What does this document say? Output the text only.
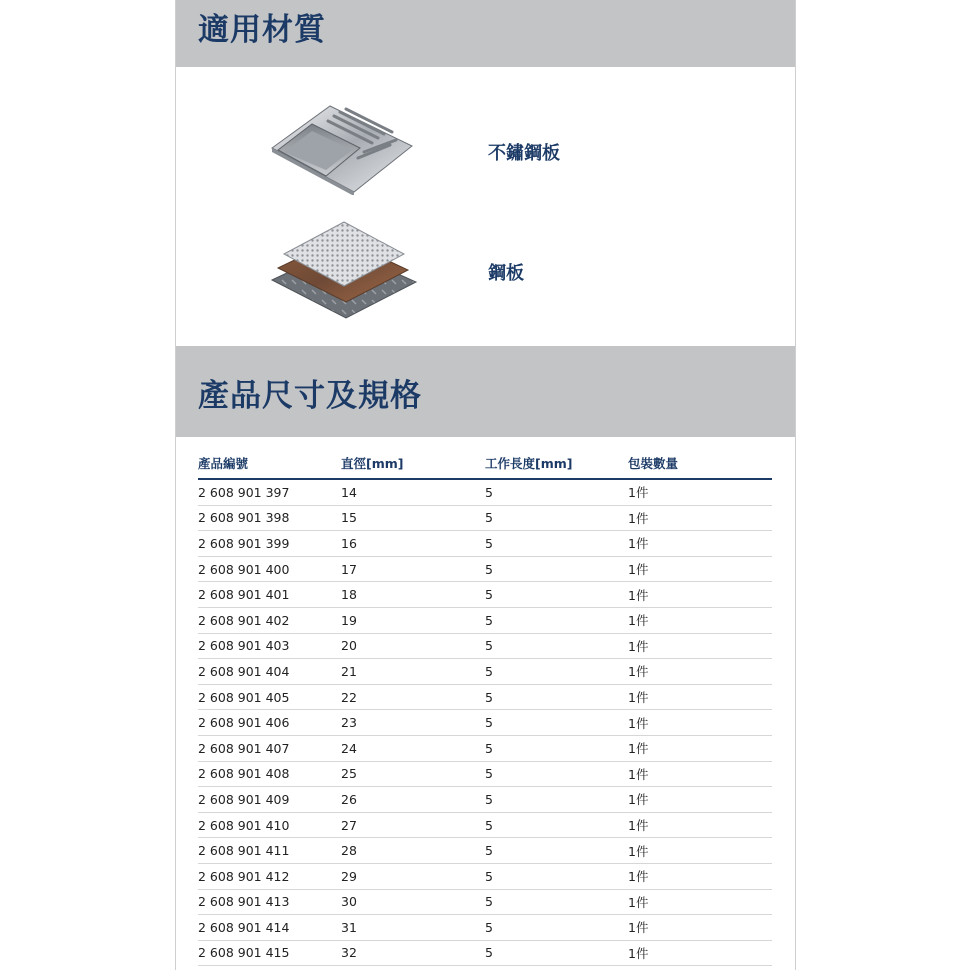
適用材質
不鏽鋼板
鋼板
產品尺寸及規格
產品編號	直徑[mm]	工作長度[mm]	包裝數量
2 608 901 397	14	5	1件
2 608 901 398	15	5	1件
2 608 901 399	16	5	1件
2 608 901 400	17	5	1件
2 608 901 401	18	5	1件
2 608 901 402	19	5	1件
2 608 901 403	20	5	1件
2 608 901 404	21	5	1件
2 608 901 405	22	5	1件
2 608 901 406	23	5	1件
2 608 901 407	24	5	1件
2 608 901 408	25	5	1件
2 608 901 409	26	5	1件
2 608 901 410	27	5	1件
2 608 901 411	28	5	1件
2 608 901 412	29	5	1件
2 608 901 413	30	5	1件
2 608 901 414	31	5	1件
2 608 901 415	32	5	1件
